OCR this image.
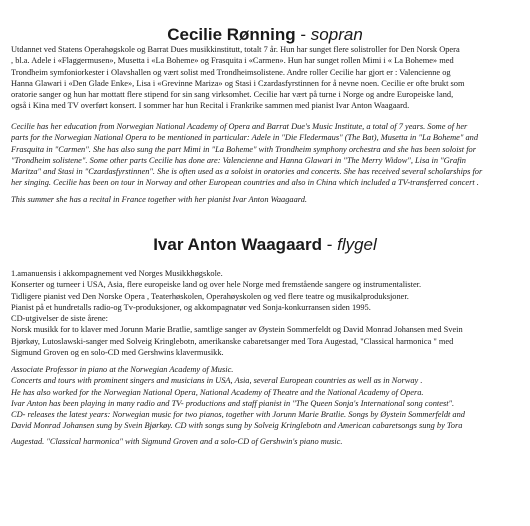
Cecilie Rønning - sopran
Utdannet ved Statens Operahøgskole og Barrat Dues musikkinstitutt, totalt 7 år. Hun har sunget flere solistroller for Den Norsk Opera
, bl.a. Adele i «Flaggermusen», Musetta i «La Boheme» og Frasquita i «Carmen». Hun har sunget rollen Mimi i « La Boheme» med
Trondheim symfoniorkester i Olavshallen og vært solist med Trondheimsolistene. Andre roller Cecilie har gjort er : Valencienne og
Hanna Glawari i «Den Glade Enke», Lisa i «Grevinne Mariza» og Stasi i Czardasfyrstinnen for å nevne noen. Cecilie er ofte brukt som
oratorie sanger og hun har mottatt flere stipend for sin sang virksomhet. Cecilie har vært på turne i Norge og andre Europeiske land,
også i Kina med TV overført konsert. I sommer har hun Recital i Frankrike sammen med pianist Ivar Anton Waagaard.
Cecilie has her education from Norwegian National Academy of Opera and Barrat Due's Music Institute, a total of 7 years. Some of her
parts for the Norwegian National Opera to be mentioned in particular: Adele in "Die Fledermaus" (The Bat), Musetta in "La Boheme" and
Frasquita in "Carmen". She has also sung the part Mimi in "La Boheme" with Trondheim symphony orchestra and she has been soloist for
"Trondheim solistene". Some other parts Cecilie has done are: Valencienne and Hanna Glawari in "The Merry Widow", Lisa in "Grafin
Maritza" and Stasi in "Czardasfyrstinnen". She is often used as a soloist in oratories and concerts. She has received several scholarships for
her singing. Cecilie has been on tour in Norway and other European countries and also in China which included a TV-transferred concert .
This summer she has a recital in France together with her pianist Ivar Anton Waagaard.
Ivar Anton Waagaard - flygel
1.amanuensis i akkompagnement ved Norges Musikkhøgskole.
Konserter og turneer i USA, Asia, flere europeiske land og over hele Norge med fremstående sangere og instrumentalister.
Tidligere pianist ved Den Norske Opera , Teaterhøskolen, Operahøyskolen og ved flere teatre og musikalproduksjoner.
Pianist på et hundretalls radio-og Tv-produksjoner, og akkompagnatør ved Sonja-konkurransen siden 1995.
CD-utgivelser de siste årene:
Norsk musikk for to klaver med Jorunn Marie Bratlie, samtlige sanger av Øystein Sommerfeldt og David Monrad Johansen med Svein
Bjørkøy, Lutoslawski-sanger med Solveig Kringlebotn, amerikanske cabaretsanger med Tora Augestad, "Classical harmonica " med
Sigmund Groven og en solo-CD med Gershwins klavermusikk.
Associate Professor in piano at the Norwegian Academy of Music.
Concerts and tours with prominent singers and musicians in USA, Asia, several European countries as well as in Norway .
He has also worked for the Norwegian National Opera, National Academy of Theatre and the National Academy of Opera.
Ivar Anton has been playing in many radio and TV- productions and staff pianist in "The Queen Sonja's International song contest".
CD- releases the latest years: Norwegian music for two pianos, together with Jorunn Marie Bratlie. Songs by Øystein Sommerfeldt and
David Monrad Johansen sung by Svein Bjørkøy. CD with songs sung by Solveig Kringlebotn and American cabaretsongs sung by Tora
Augestad. "Classical harmonica" with Sigmund Groven and a solo-CD of Gershwin's piano music.
